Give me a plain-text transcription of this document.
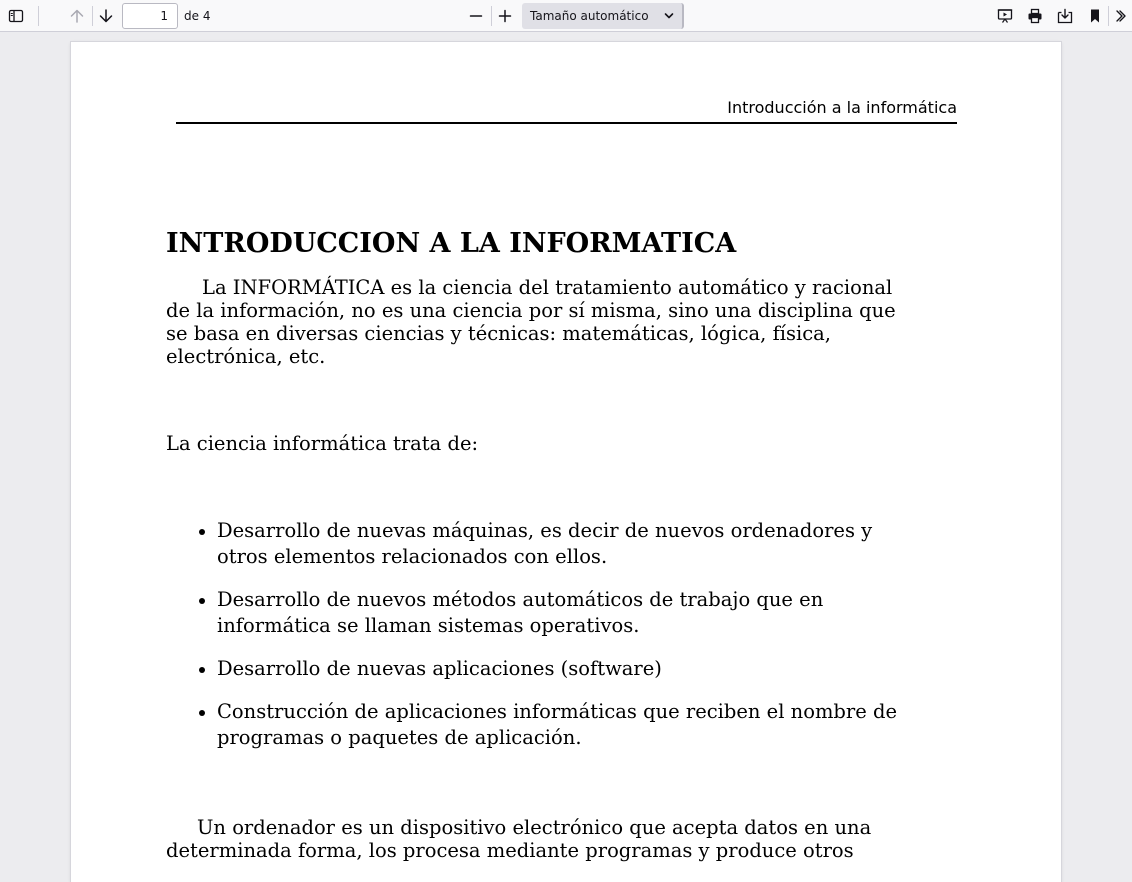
1
de 4	Tamaño automático
Introducción a la informática
INTRODUCCION A LA INFORMATICA

La INFORMÁTICA es la ciencia del tratamiento automático y racional
de la información, no es una ciencia por sí misma, sino una disciplina que
se basa en diversas ciencias y técnicas: matemáticas, lógica, física,
electrónica, etc.

La ciencia informática trata de:

Desarrollo de nuevas máquinas, es decir de nuevos ordenadores y
otros elementos relacionados con ellos.
Desarrollo de nuevos métodos automáticos de trabajo que en
informática se llaman sistemas operativos.
Desarrollo de nuevas aplicaciones (software)
Construcción de aplicaciones informáticas que reciben el nombre de
programas o paquetes de aplicación.

Un ordenador es un dispositivo electrónico que acepta datos en una
determinada forma, los procesa mediante programas y produce otros
